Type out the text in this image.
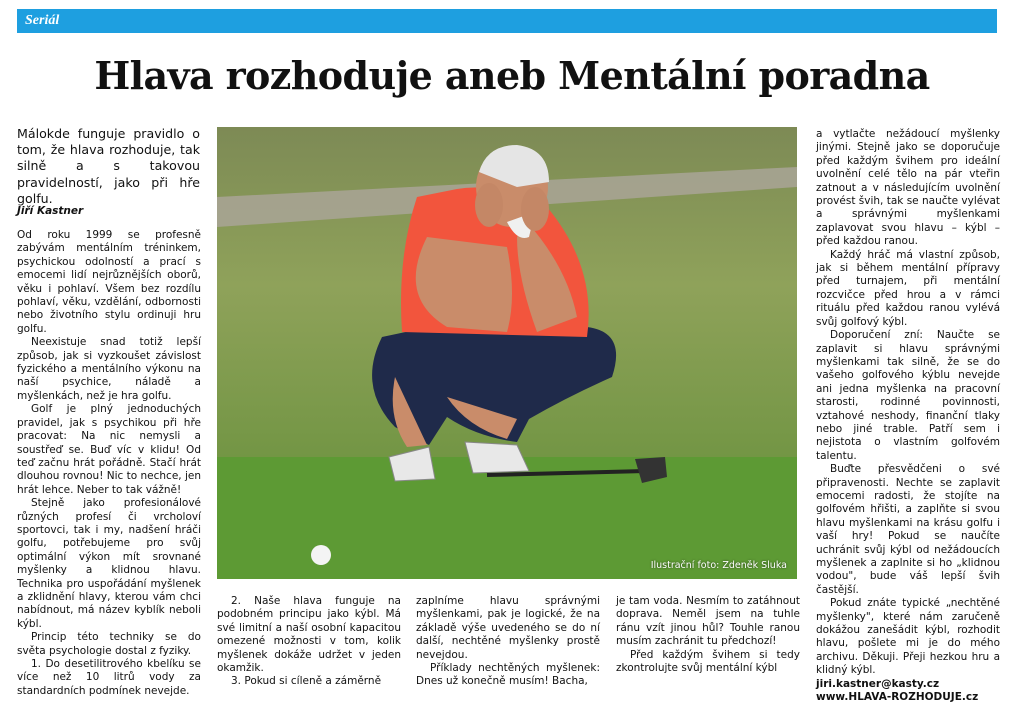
Seriál
Hlava rozhoduje aneb Mentální poradna
Málokde funguje pravidlo o tom, že hlava rozhoduje, tak silně a s takovou pravidelností, jako při hře golfu.
Jiří Kastner

Od roku 1999 se profesně zabývám mentálním tréninkem, psychickou odolností a prací s emocemi lidí nejrůznějších oborů, věku i pohlaví. Všem bez rozdílu pohlaví, věku, vzdělání, odbornosti nebo životního stylu ordinuji hru golfu.

Neexistuje snad totiž lepší způsob, jak si vyzkoušet závislost fyzického a mentálního výkonu na naší psychice, náladě a myšlenkách, než je hra golfu.

Golf je plný jednoduchých pravidel, jak s psychikou při hře pracovat: Na nic nemysli a soustřeď se. Buď víc v klidu! Od teď začnu hrát pořádně. Stačí hrát dlouhou rovnou! Nic to nechce, jen hrát lehce. Neber to tak vážně!

Stejně jako profesionálové různých profesí či vrcholoví sportovci, tak i my, nadšení hráči golfu, potřebujeme pro svůj optimální výkon mít srovnané myšlenky a klidnou hlavu. Technika pro uspořádání myšlenek a zklidnění hlavy, kterou vám chci nabídnout, má název kyblík neboli kýbl.

Princip této techniky se do světa psychologie dostal z fyziky.

1. Do desetilitrového kbelíku se více než 10 litrů vody za standardních podmínek nevejde.

Ilustrační foto: Zdeněk Sluka

2. Naše hlava funguje na podobném principu jako kýbl. Má své limitní a naší osobní kapacitou omezené možnosti v tom, kolik myšlenek dokáže udržet v jeden okamžik.

3. Pokud si cíleně a záměrně

zaplníme hlavu správnými myšlenkami, pak je logické, že na základě výše uvedeného se do ní další, nechtěné myšlenky prostě nevejdou.

Příklady nechtěných myšlenek: Dnes už konečně musím! Bacha,

je tam voda. Nesmím to zatáhnout doprava. Neměl jsem na tuhle ránu vzít jinou hůl? Touhle ranou musím zachránit tu předchozí!

Před každým švihem si tedy zkontrolujte svůj mentální kýbl

a vytlačte nežádoucí myšlenky jinými. Stejně jako se doporučuje před každým švihem pro ideální uvolnění celé tělo na pár vteřin zatnout a v následujícím uvolnění provést švih, tak se naučte vylévat a správnými myšlenkami zaplavovat svou hlavu – kýbl – před každou ranou.

Každý hráč má vlastní způsob, jak si během mentální přípravy před turnajem, při mentální rozcvičce před hrou a v rámci rituálu před každou ranou vylévá svůj golfový kýbl.

Doporučení zní: Naučte se zaplavit si hlavu správnými myšlenkami tak silně, že se do vašeho golfového kýblu nevejde ani jedna myšlenka na pracovní starosti, rodinné povinnosti, vztahové neshody, finanční tlaky nebo jiné trable. Patří sem i nejistota o vlastním golfovém talentu.

Buďte přesvědčeni o své připravenosti. Nechte se zaplavit emocemi radosti, že stojíte na golfovém hřišti, a zaplňte si svou hlavu myšlenkami na krásu golfu i vaší hry! Pokud se naučíte uchránit svůj kýbl od nežádoucích myšlenek a zaplnite si ho „klidnou vodou", bude váš lepší švih častější.

Pokud znáte typické „nechtěné myšlenky", které nám zaručeně dokážou zanešádit kýbl, rozhodit hlavu, pošlete mi je do mého archivu. Děkuji. Přeji hezkou hru a klidný kýbl.

jiri.kastner@kasty.cz

www.HLAVA-ROZHODUJE.cz
